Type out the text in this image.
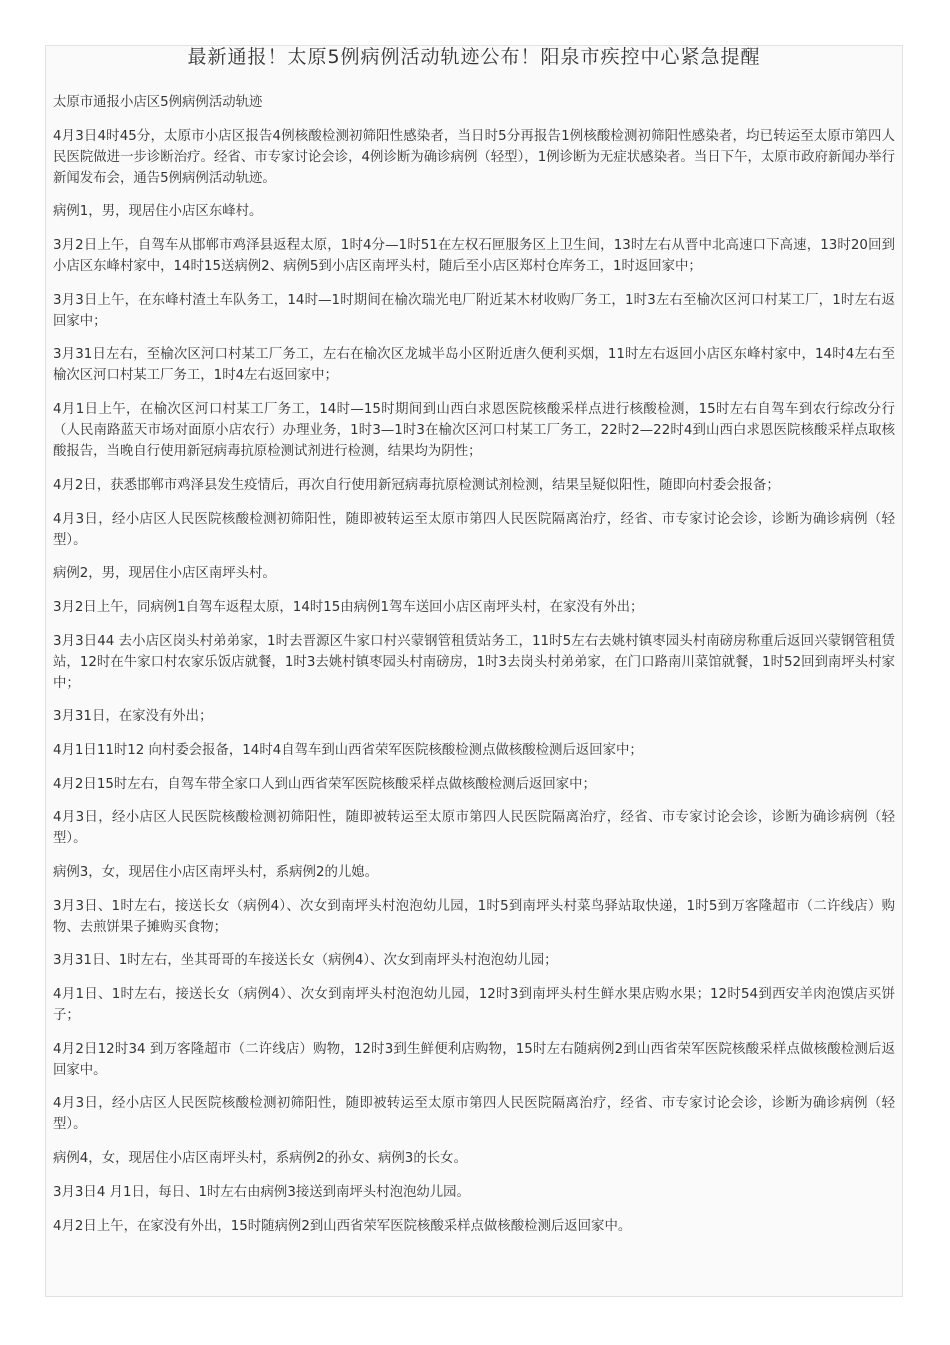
最新通报！太原5例病例活动轨迹公布！阳泉市疾控中心紧急提醒

太原市通报小店区5例病例活动轨迹

4月3日4时45分，太原市小店区报告4例核酸检测初筛阳性感染者，当日时5分再报告1例核酸检测初筛阳性感染者，均已转运至太原市第四人民医院做进一步诊断治疗。经省、市专家讨论会诊，4例诊断为确诊病例（轻型），1例诊断为无症状感染者。当日下午，太原市政府新闻办举行新闻发布会，通告5例病例活动轨迹。

病例1，男，现居住小店区东峰村。

3月2日上午，自驾车从邯郸市鸡泽县返程太原，1时4分—1时51在左权石匣服务区上卫生间，13时左右从晋中北高速口下高速，13时20回到小店区东峰村家中，14时15送病例2、病例5到小店区南坪头村，随后至小店区郑村仓库务工，1时返回家中；

3月3日上午，在东峰村渣土车队务工，14时—1时期间在榆次瑞光电厂附近某木材收购厂务工，1时3左右至榆次区河口村某工厂，1时左右返回家中；

3月31日左右，至榆次区河口村某工厂务工，左右在榆次区龙城半岛小区附近唐久便利买烟，11时左右返回小店区东峰村家中，14时4左右至榆次区河口村某工厂务工，1时4左右返回家中；

4月1日上午，在榆次区河口村某工厂务工，14时—15时期间到山西白求恩医院核酸采样点进行核酸检测，15时左右自驾车到农行综改分行（人民南路蓝天市场对面原小店农行）办理业务，1时3—1时3在榆次区河口村某工厂务工，22时2—22时4到山西白求恩医院核酸采样点取核酸报告，当晚自行使用新冠病毒抗原检测试剂进行检测，结果均为阴性；

4月2日，获悉邯郸市鸡泽县发生疫情后，再次自行使用新冠病毒抗原检测试剂检测，结果呈疑似阳性，随即向村委会报备；

4月3日，经小店区人民医院核酸检测初筛阳性，随即被转运至太原市第四人民医院隔离治疗，经省、市专家讨论会诊，诊断为确诊病例（轻型）。

病例2，男，现居住小店区南坪头村。

3月2日上午，同病例1自驾车返程太原，14时15由病例1驾车送回小店区南坪头村，在家没有外出；

3月3日44 去小店区岗头村弟弟家，1时去晋源区牛家口村兴蒙钢管租赁站务工，11时5左右去姚村镇枣园头村南磅房称重后返回兴蒙钢管租赁站，12时在牛家口村农家乐饭店就餐，1时3去姚村镇枣园头村南磅房，1时3去岗头村弟弟家，在门口路南川菜馆就餐，1时52回到南坪头村家中；

3月31日，在家没有外出；

4月1日11时12 向村委会报备，14时4自驾车到山西省荣军医院核酸检测点做核酸检测后返回家中；

4月2日15时左右，自驾车带全家口人到山西省荣军医院核酸采样点做核酸检测后返回家中；

4月3日，经小店区人民医院核酸检测初筛阳性，随即被转运至太原市第四人民医院隔离治疗，经省、市专家讨论会诊，诊断为确诊病例（轻型）。

病例3，女，现居住小店区南坪头村，系病例2的儿媳。

3月3日、1时左右，接送长女（病例4）、次女到南坪头村泡泡幼儿园，1时5到南坪头村菜鸟驿站取快递，1时5到万客隆超市（二许线店）购物、去煎饼果子摊购买食物；

3月31日、1时左右，坐其哥哥的车接送长女（病例4）、次女到南坪头村泡泡幼儿园；

4月1日、1时左右，接送长女（病例4）、次女到南坪头村泡泡幼儿园，12时3到南坪头村生鲜水果店购水果；12时54到西安羊肉泡馍店买饼子；

4月2日12时34 到万客隆超市（二许线店）购物，12时3到生鲜便利店购物，15时左右随病例2到山西省荣军医院核酸采样点做核酸检测后返回家中。

4月3日，经小店区人民医院核酸检测初筛阳性，随即被转运至太原市第四人民医院隔离治疗，经省、市专家讨论会诊，诊断为确诊病例（轻型）。

病例4，女，现居住小店区南坪头村，系病例2的孙女、病例3的长女。

3月3日4 月1日，每日、1时左右由病例3接送到南坪头村泡泡幼儿园。

4月2日上午，在家没有外出，15时随病例2到山西省荣军医院核酸采样点做核酸检测后返回家中。
